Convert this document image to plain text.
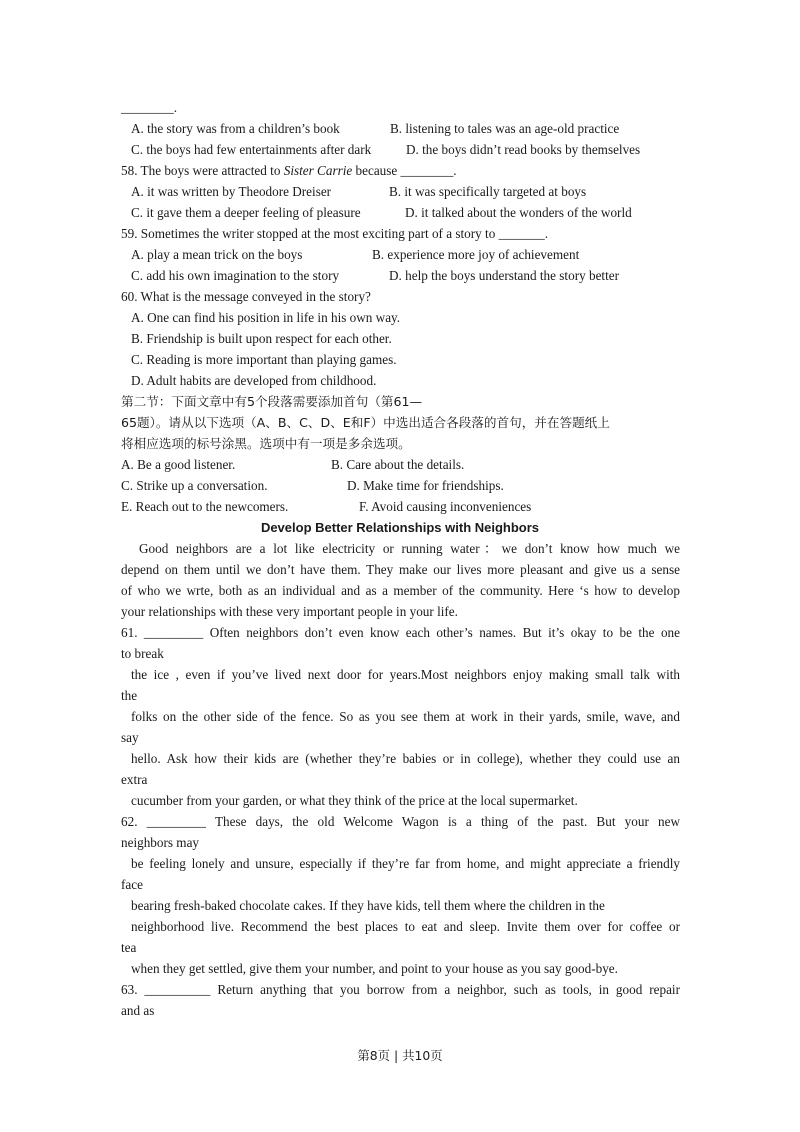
________.
A. the story was from a children’s book	B. listening to tales was an age-old practice
C. the boys had few entertainments after dark	D. the boys didn’t read books by themselves
58. The boys were attracted to Sister Carrie because ________.
A. it was written by Theodore Dreiser	B. it was specifically targeted at boys
C. it gave them a deeper feeling of pleasure	D. it talked about the wonders of the world
59. Sometimes the writer stopped at the most exciting part of a story to _______.
A. play a mean trick on the boys	B. experience more joy of achievement
C. add his own imagination to the story	D. help the boys understand the story better
60. What is the message conveyed in the story?
A. One can find his position in life in his own way.
B. Friendship is built upon respect for each other.
C. Reading is more important than playing games.
D. Adult habits are developed from childhood.
第二节：下面文章中有5个段落需要添加首句（第61—
65题）。请从以下选项（A、B、C、D、E和F）中选出适合各段落的首句，并在答题纸上
将相应选项的标号涂黑。选项中有一项是多余选项。
A. Be a good listener.	B. Care about the details.
C. Strike up a conversation.	D. Make time for friendships.
E. Reach out to the newcomers.	F. Avoid causing inconveniences
Develop Better Relationships with Neighbors
Good neighbors are a lot like electricity or running water：we don’t know how much we
depend on them until we don’t have them. They make our lives more pleasant and give us a sense
of who we wrte, both as an individual and as a member of the community. Here ‘s how to develop
your relationships with these very important people in your life.
61. _________ Often neighbors don’t even know each other’s names. But it’s okay to be the one
to break
the ice , even if you’ve lived next door for years.Most neighbors enjoy making small talk with
the
folks on the other side of the fence. So as you see them at work in their yards, smile, wave, and
say
hello. Ask how their kids are (whether they’re babies or in college), whether they could use an
extra
cucumber from your garden, or what they think of the price at the local supermarket.
62. _________ These days, the old Welcome Wagon is a thing of the past. But your new
neighbors may
be feeling lonely and unsure, especially if they’re far from home, and might appreciate a friendly
face
bearing fresh-baked chocolate cakes. If they have kids, tell them where the children in the
neighborhood live. Recommend the best places to eat and sleep. Invite them over for coffee or
tea
when they get settled, give them your number, and point to your house as you say good-bye.
63. __________ Return anything that you borrow from a neighbor, such as tools, in good repair
and as
第8页 | 共10页
